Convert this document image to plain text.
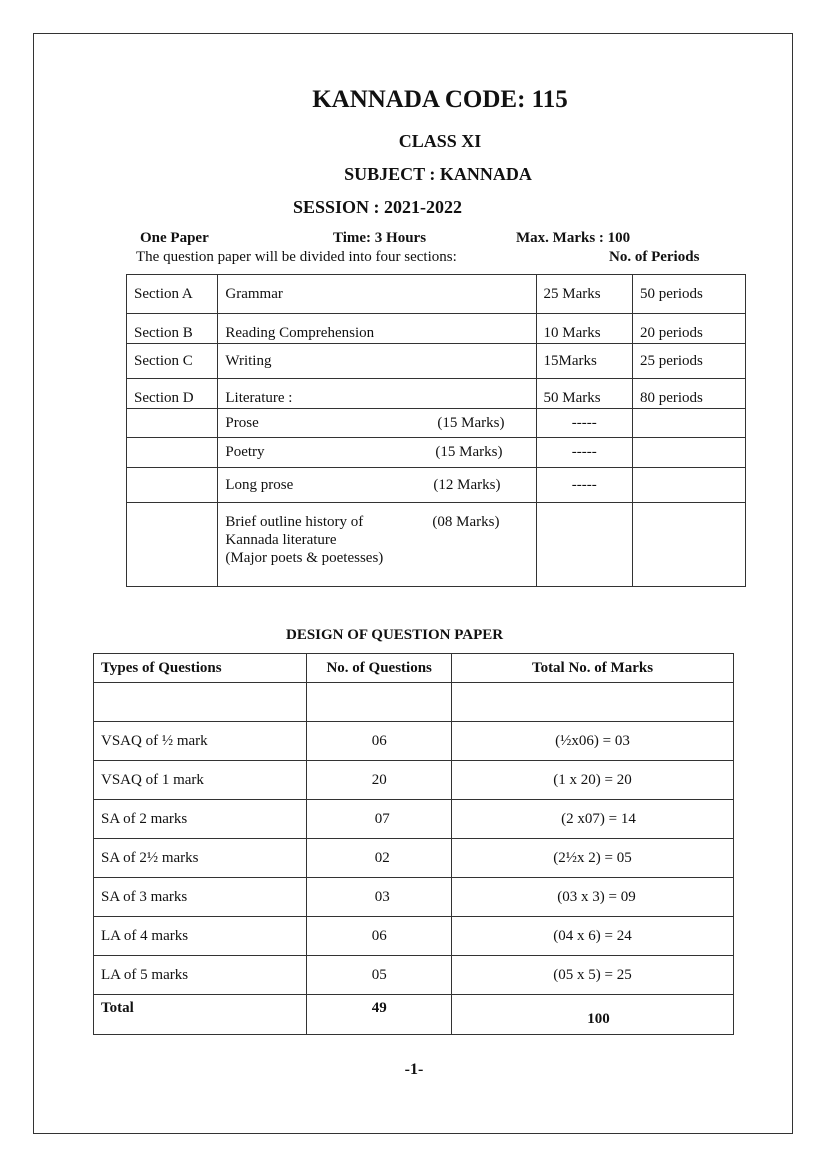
KANNADA CODE: 115
CLASS XI
SUBJECT : KANNADA
SESSION : 2021-2022
One Paper	Time: 3 Hours	Max. Marks : 100
The question paper will be divided into four sections:	No. of Periods
Section A	Grammar	25 Marks	50 periods

Section B	Reading Comprehension	10 Marks	20 periods

Section C	Writing	15Marks	25 periods

Section D	Literature :	50 Marks	80 periods

	Prose (15 Marks)	-----	

	Poetry (15 Marks)	-----	

	Long prose (12 Marks)	-----	

	Brief outline history of
Kannada literature
(Major poets & poetesses)
(08 Marks)		

DESIGN OF QUESTION PAPER
Types of Questions	No. of Questions	Total No. of Marks

VSAQ of ½ mark	06	(½x06) = 03

VSAQ of 1 mark	20	(1 x 20) = 20

SA of 2 marks	07	(2 x07) = 14

SA of 2½ marks	02	(2½x 2) = 05

SA of 3 marks	03	(03 x 3) = 09

LA of 4 marks	06	(04 x 6) = 24

LA of 5 marks	05	(05 x 5) = 25

Total	49	100
-1-
